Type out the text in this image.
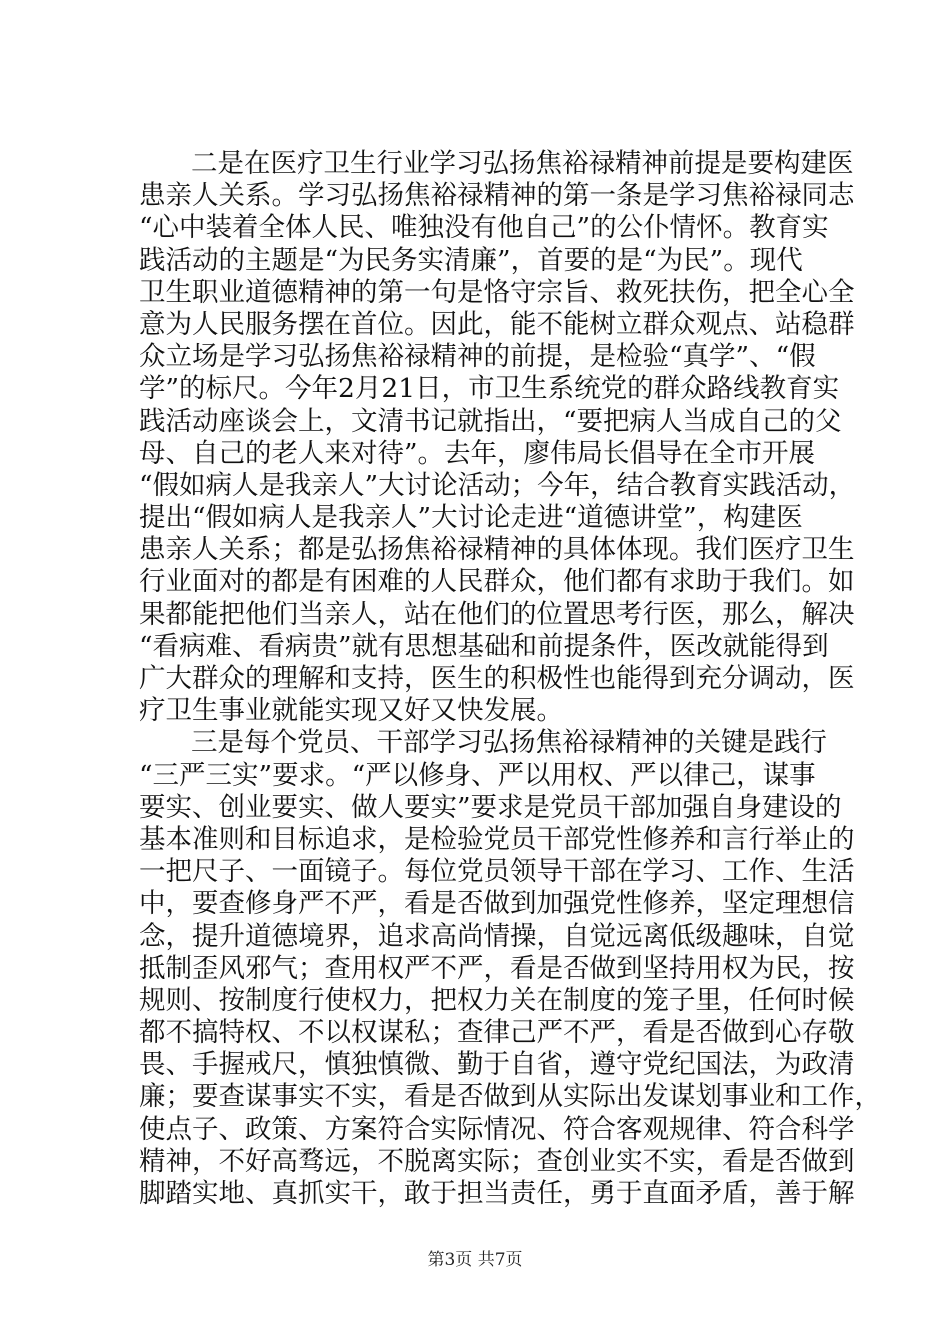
二是在医疗卫生行业学习弘扬焦裕禄精神前提是要构建医
患亲人关系。学习弘扬焦裕禄精神的第一条是学习焦裕禄同志
“心中装着全体人民、唯独没有他自己”的公仆情怀。教育实
践活动的主题是“为民务实清廉”，首要的是“为民”。现代
卫生职业道德精神的第一句是恪守宗旨、救死扶伤，把全心全
意为人民服务摆在首位。因此，能不能树立群众观点、站稳群
众立场是学习弘扬焦裕禄精神的前提，是检验“真学”、“假
学”的标尺。今年2月21日，市卫生系统党的群众路线教育实
践活动座谈会上，文清书记就指出，“要把病人当成自己的父
母、自己的老人来对待”。去年，廖伟局长倡导在全市开展
“假如病人是我亲人”大讨论活动；今年，结合教育实践活动，
提出“假如病人是我亲人”大讨论走进“道德讲堂”，构建医
患亲人关系；都是弘扬焦裕禄精神的具体体现。我们医疗卫生
行业面对的都是有困难的人民群众，他们都有求助于我们。如
果都能把他们当亲人，站在他们的位置思考行医，那么，解决
“看病难、看病贵”就有思想基础和前提条件，医改就能得到
广大群众的理解和支持，医生的积极性也能得到充分调动，医
疗卫生事业就能实现又好又快发展。
三是每个党员、干部学习弘扬焦裕禄精神的关键是践行
“三严三实”要求。“严以修身、严以用权、严以律己，谋事
要实、创业要实、做人要实”要求是党员干部加强自身建设的
基本准则和目标追求，是检验党员干部党性修养和言行举止的
一把尺子、一面镜子。每位党员领导干部在学习、工作、生活
中，要查修身严不严，看是否做到加强党性修养，坚定理想信
念，提升道德境界，追求高尚情操，自觉远离低级趣味，自觉
抵制歪风邪气；查用权严不严，看是否做到坚持用权为民，按
规则、按制度行使权力，把权力关在制度的笼子里，任何时候
都不搞特权、不以权谋私；查律己严不严，看是否做到心存敬
畏、手握戒尺，慎独慎微、勤于自省，遵守党纪国法，为政清
廉；要查谋事实不实，看是否做到从实际出发谋划事业和工作，
使点子、政策、方案符合实际情况、符合客观规律、符合科学
精神，不好高骛远，不脱离实际；查创业实不实，看是否做到
脚踏实地、真抓实干，敢于担当责任，勇于直面矛盾，善于解
第3页 共7页
